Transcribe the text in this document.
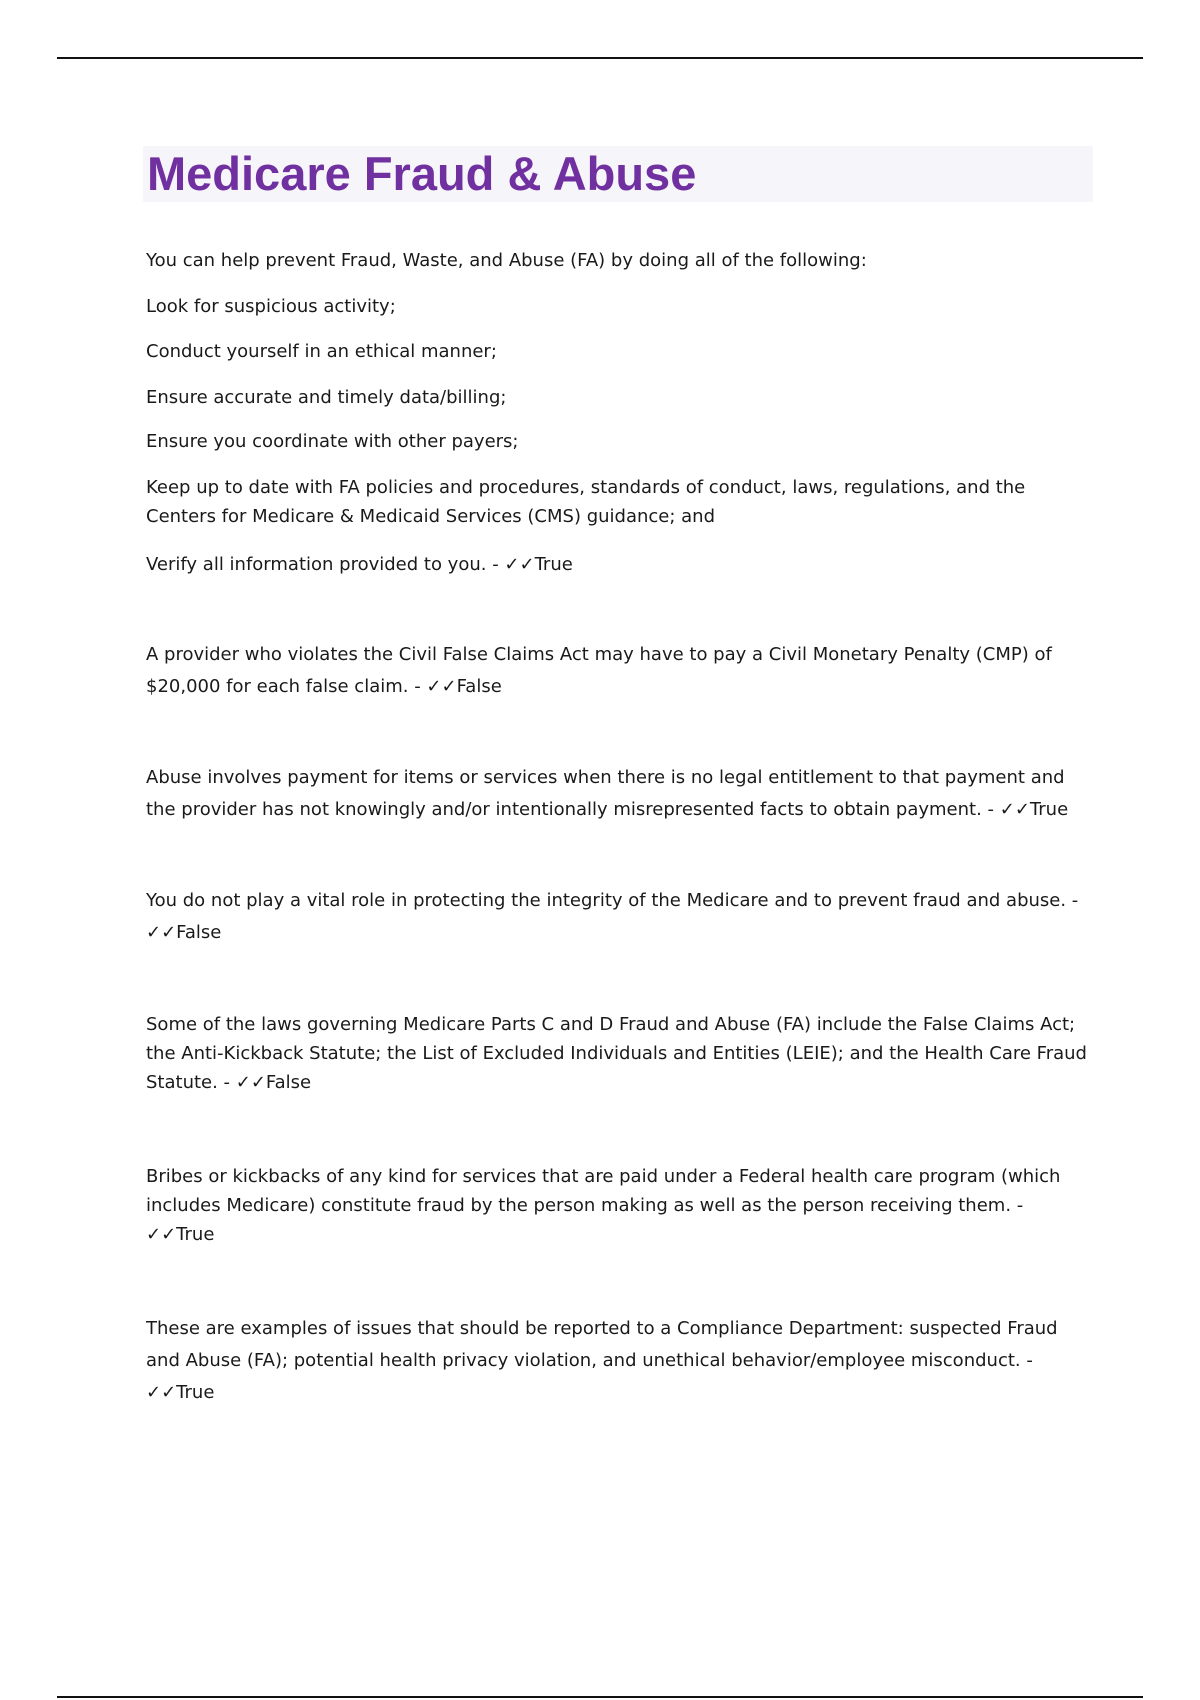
Medicare Fraud & Abuse

You can help prevent Fraud, Waste, and Abuse (FA) by doing all of the following:

Look for suspicious activity;

Conduct yourself in an ethical manner;

Ensure accurate and timely data/billing;

Ensure you coordinate with other payers;

Keep up to date with FA policies and procedures, standards of conduct, laws, regulations, and the

Centers for Medicare & Medicaid Services (CMS) guidance; and

Verify all information provided to you. - ✓✓True

A provider who violates the Civil False Claims Act may have to pay a Civil Monetary Penalty (CMP) of $20,000 for each false claim. - ✓✓False

Abuse involves payment for items or services when there is no legal entitlement to that payment and the provider has not knowingly and/or intentionally misrepresented facts to obtain payment. - ✓✓True

You do not play a vital role in protecting the integrity of the Medicare and to prevent fraud and abuse. - ✓✓False

Some of the laws governing Medicare Parts C and D Fraud and Abuse (FA) include the False Claims Act; the Anti-Kickback Statute; the List of Excluded Individuals and Entities (LEIE); and the Health Care Fraud Statute. - ✓✓False

Bribes or kickbacks of any kind for services that are paid under a Federal health care program (which includes Medicare) constitute fraud by the person making as well as the person receiving them. - ✓✓True

These are examples of issues that should be reported to a Compliance Department: suspected Fraud and Abuse (FA); potential health privacy violation, and unethical behavior/employee misconduct. - ✓✓True
